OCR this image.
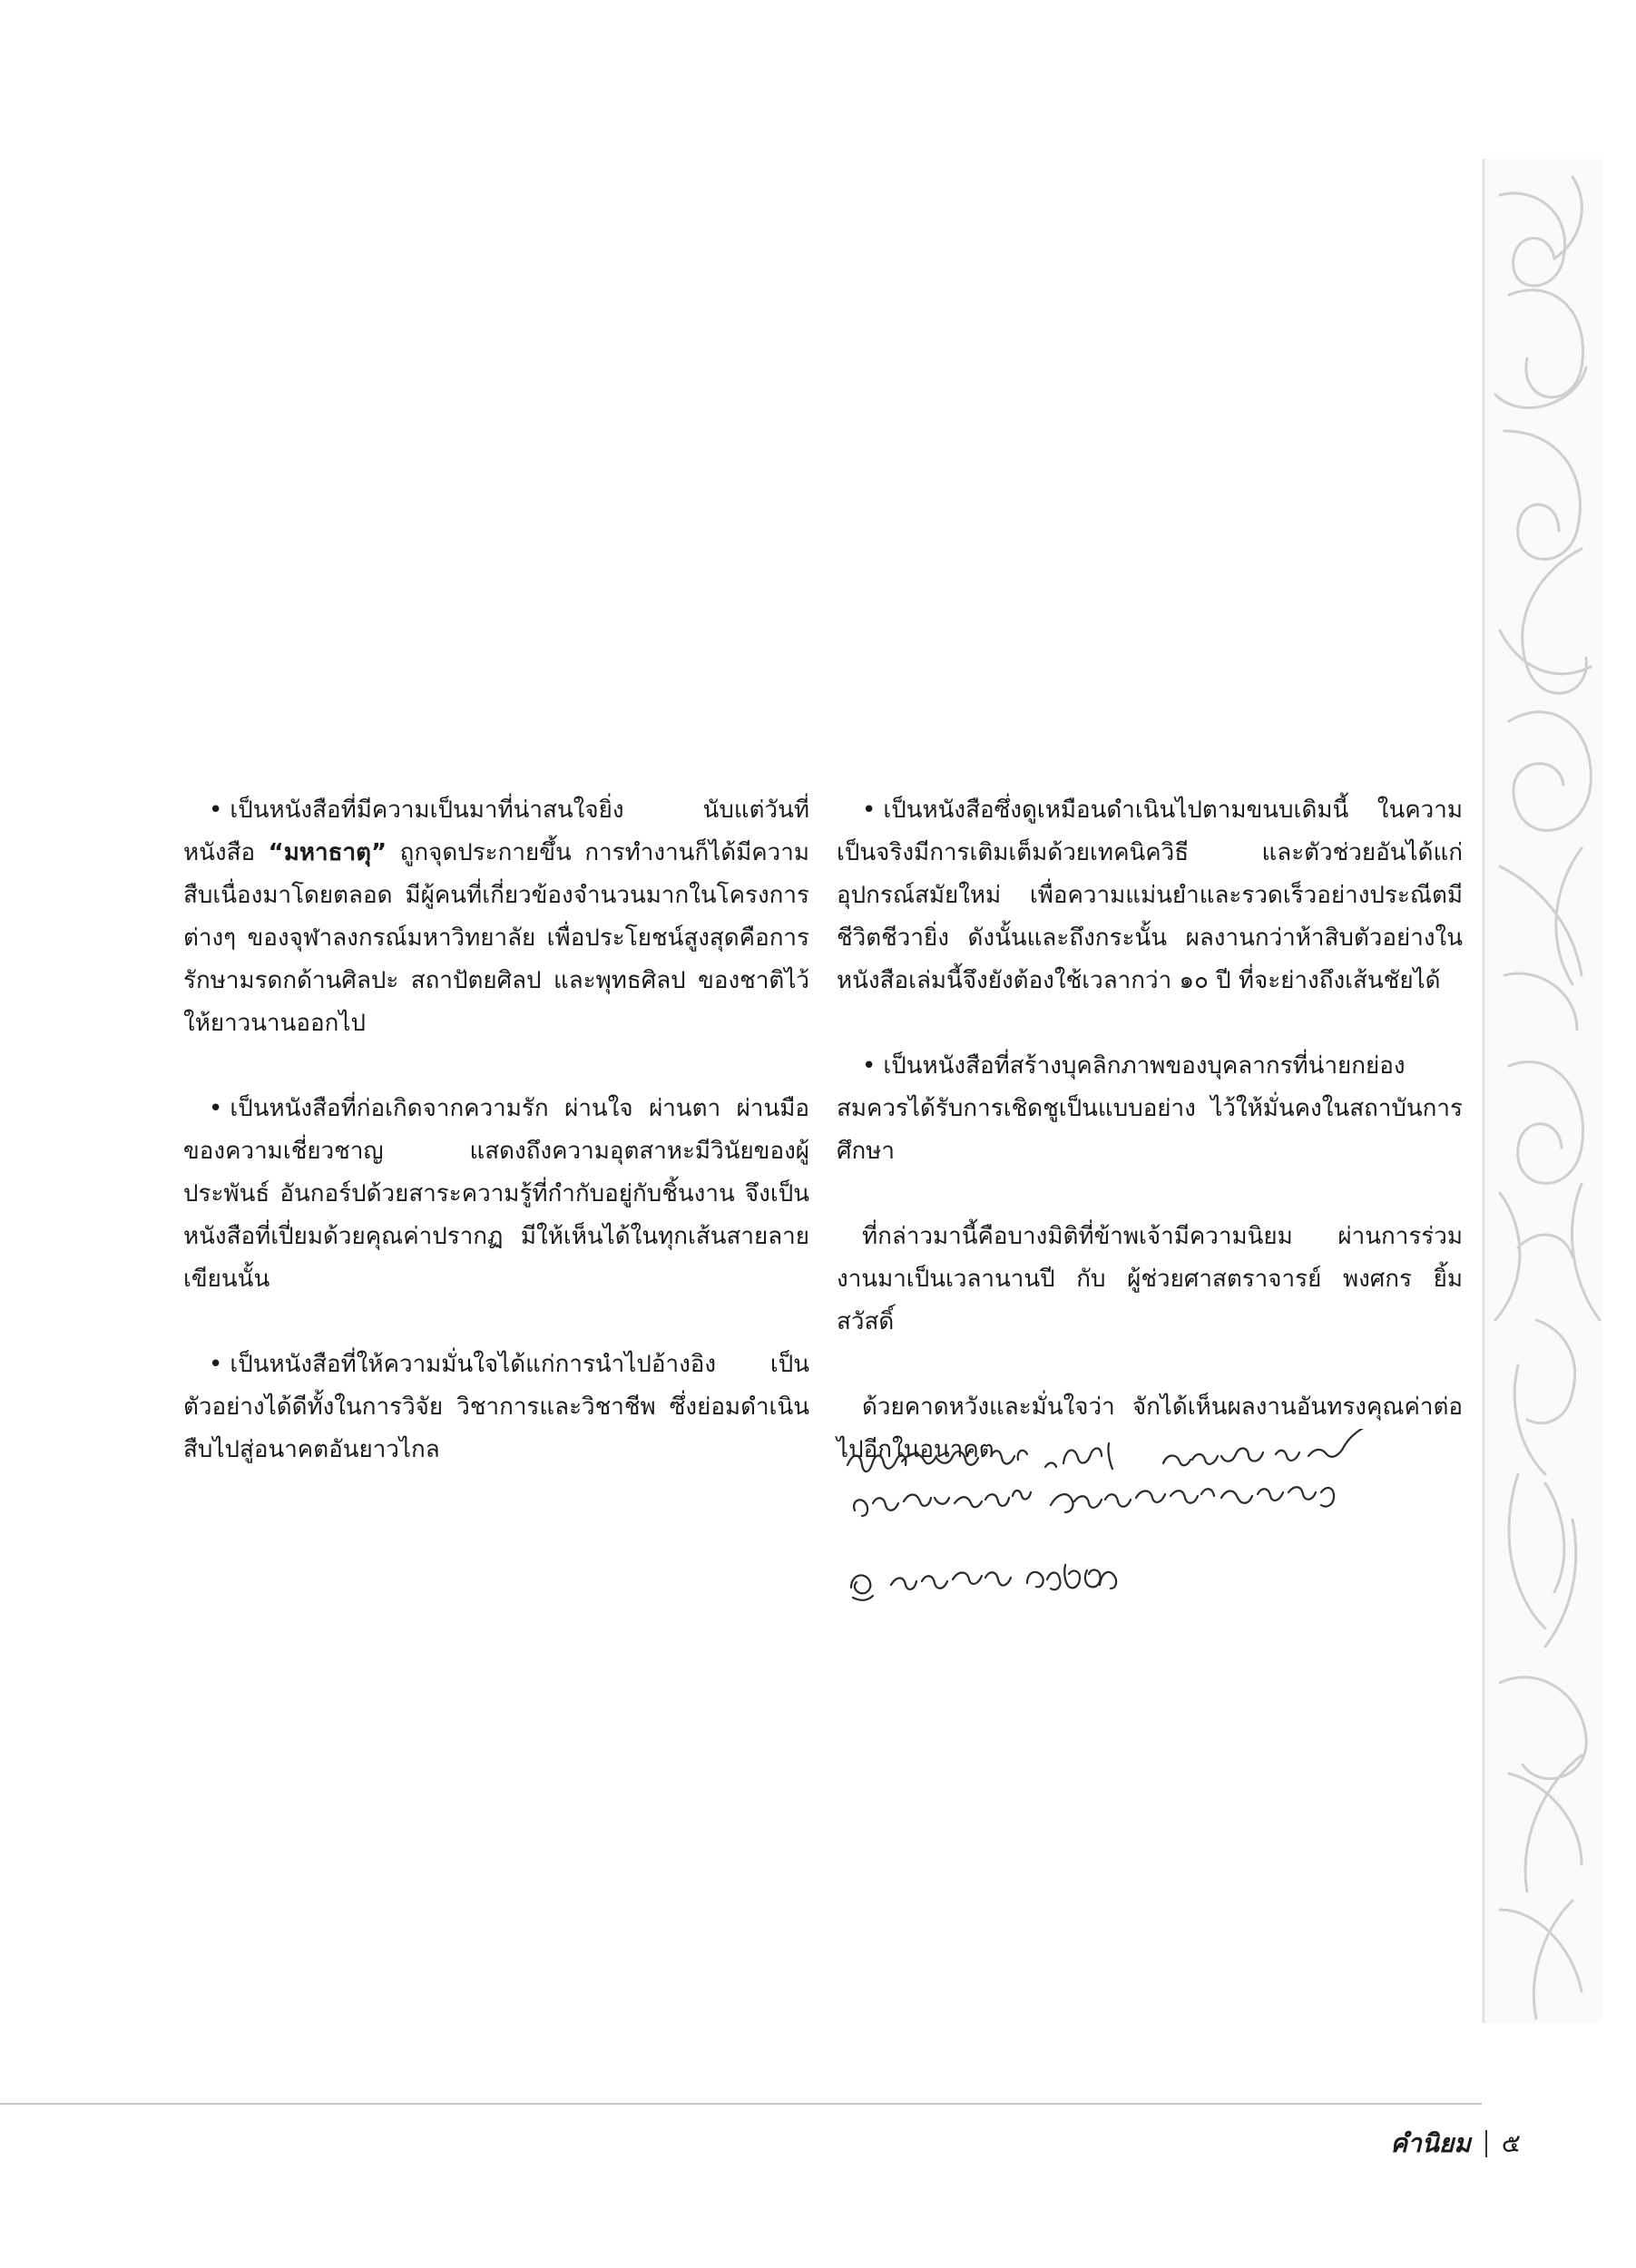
• เป็นหนังสือที่มีความเป็นมาที่น่าสนใจยิ่ง นับแต่วันที่หนังสือ “มหาธาตุ” ถูกจุดประกายขึ้น การทำงานก็ได้มีความสืบเนื่องมาโดยตลอด มีผู้คนที่เกี่ยวข้องจำนวนมากในโครงการต่างๆ ของจุฬาลงกรณ์มหาวิทยาลัย เพื่อประโยชน์สูงสุดคือการรักษามรดกด้านศิลปะ สถาปัตยศิลป และพุทธศิลป ของชาติไว้ให้ยาวนานออกไป

• เป็นหนังสือที่ก่อเกิดจากความรัก ผ่านใจ ผ่านตา ผ่านมือของความเชี่ยวชาญ แสดงถึงความอุตสาหะมีวินัยของผู้ประพันธ์ อันกอร์ปด้วยสาระความรู้ที่กำกับอยู่กับชิ้นงาน จึงเป็นหนังสือที่เปี่ยมด้วยคุณค่าปรากฏ มีให้เห็นได้ในทุกเส้นสายลายเขียนนั้น

• เป็นหนังสือที่ให้ความมั่นใจได้แก่การนำไปอ้างอิง เป็นตัวอย่างได้ดีทั้งในการวิจัย วิชาการและวิชาชีพ ซึ่งย่อมดำเนินสืบไปสู่อนาคตอันยาวไกล

• เป็นหนังสือซึ่งดูเหมือนดำเนินไปตามขนบเดิมนี้ ในความเป็นจริงมีการเติมเต็มด้วยเทคนิควิธี และตัวช่วยอันได้แก่อุปกรณ์สมัยใหม่ เพื่อความแม่นยำและรวดเร็วอย่างประณีตมีชีวิตชีวายิ่ง ดังนั้นและถึงกระนั้น ผลงานกว่าห้าสิบตัวอย่างในหนังสือเล่มนี้จึงยังต้องใช้เวลากว่า ๑๐ ปี ที่จะย่างถึงเส้นชัยได้

• เป็นหนังสือที่สร้างบุคลิกภาพของบุคลากรที่น่ายกย่อง สมควรได้รับการเชิดชูเป็นแบบอย่าง ไว้ให้มั่นคงในสถาบันการศึกษา

ที่กล่าวมานี้คือบางมิติที่ข้าพเจ้ามีความนิยม ผ่านการร่วมงานมาเป็นเวลานานปี กับ ผู้ช่วยศาสตราจารย์ พงศกร ยิ้มสวัสดิ์

ด้วยคาดหวังและมั่นใจว่า จักได้เห็นผลงานอันทรงคุณค่าต่อไปอีกในอนาคต

คำนิยม ๕
